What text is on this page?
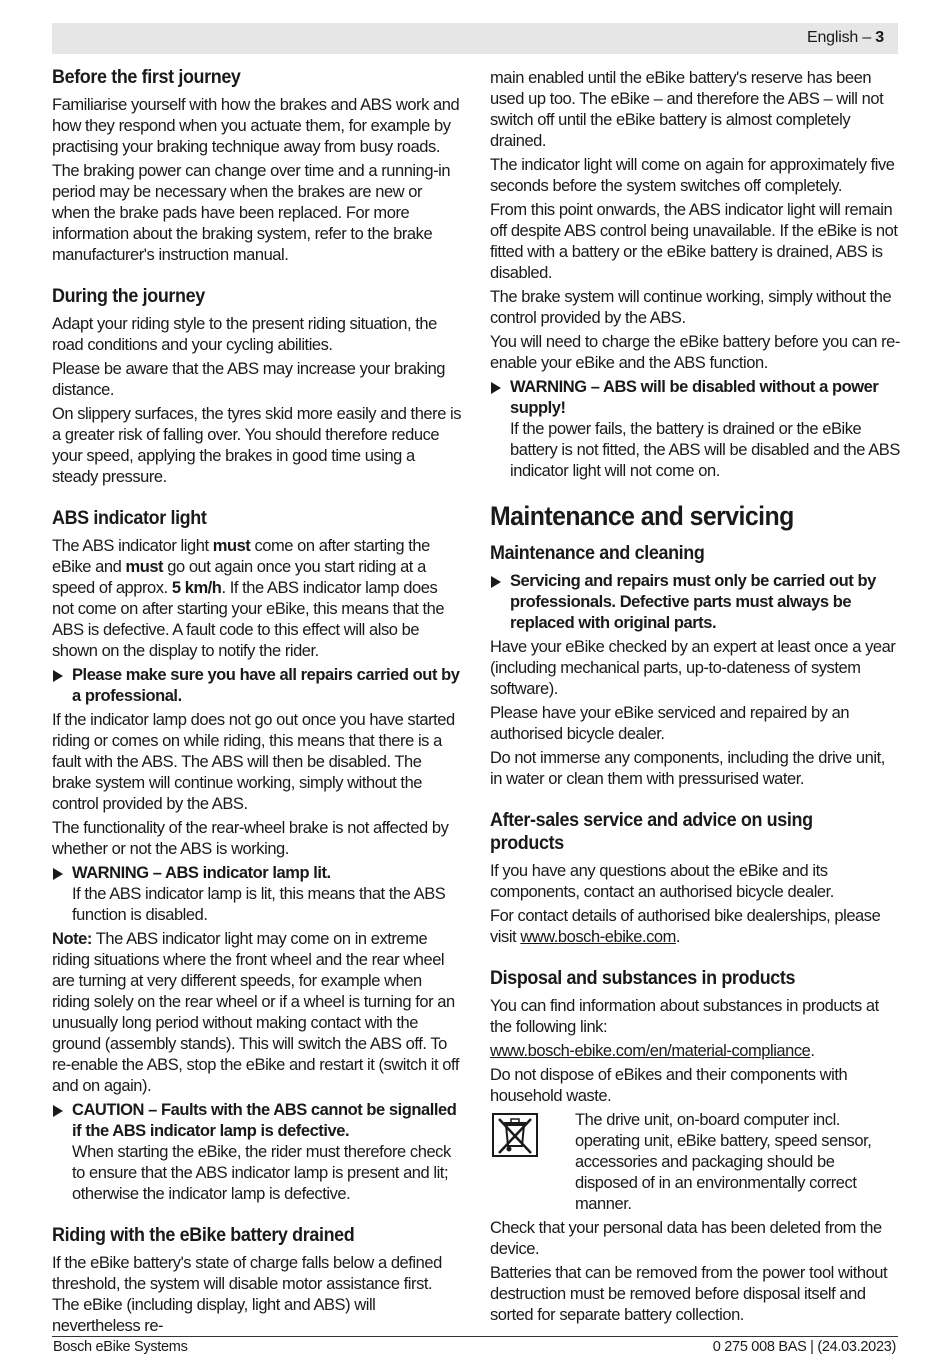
English – 3
Before the first journey

Familiarise yourself with how the brakes and ABS work and how they respond when you actuate them, for example by practising your braking technique away from busy roads.

The braking power can change over time and a running-in period may be necessary when the brakes are new or when the brake pads have been replaced. For more information about the braking system, refer to the brake manufacturer's instruction manual.

During the journey

Adapt your riding style to the present riding situation, the road conditions and your cycling abilities.

Please be aware that the ABS may increase your braking distance.

On slippery surfaces, the tyres skid more easily and there is a greater risk of falling over. You should therefore reduce your speed, applying the brakes in good time using a steady pressure.

ABS indicator light

The ABS indicator light must come on after starting the eBike and must go out again once you start riding at a speed of approx. 5 km/h. If the ABS indicator lamp does not come on after starting your eBike, this means that the ABS is defective. A fault code to this effect will also be shown on the display to notify the rider.

Please make sure you have all repairs carried out by a professional.

If the indicator lamp does not go out once you have started riding or comes on while riding, this means that there is a fault with the ABS. The ABS will then be disabled. The brake system will continue working, simply without the control provided by the ABS.

The functionality of the rear-wheel brake is not affected by whether or not the ABS is working.

WARNING – ABS indicator lamp lit.

If the ABS indicator lamp is lit, this means that the ABS function is disabled.

Note: The ABS indicator light may come on in extreme riding situations where the front wheel and the rear wheel are turning at very different speeds, for example when riding solely on the rear wheel or if a wheel is turning for an unusually long period without making contact with the ground (assembly stands). This will switch the ABS off. To re-enable the ABS, stop the eBike and restart it (switch it off and on again).

CAUTION – Faults with the ABS cannot be signalled if the ABS indicator lamp is defective.

When starting the eBike, the rider must therefore check to ensure that the ABS indicator lamp is present and lit; otherwise the indicator lamp is defective.

Riding with the eBike battery drained

If the eBike battery's state of charge falls below a defined threshold, the system will disable motor assistance first. The eBike (including display, light and ABS) will nevertheless re-

main enabled until the eBike battery's reserve has been used up too. The eBike – and therefore the ABS – will not switch off until the eBike battery is almost completely drained.

The indicator light will come on again for approximately five seconds before the system switches off completely.

From this point onwards, the ABS indicator light will remain off despite ABS control being unavailable. If the eBike is not fitted with a battery or the eBike battery is drained, ABS is disabled.

The brake system will continue working, simply without the control provided by the ABS.

You will need to charge the eBike battery before you can re-enable your eBike and the ABS function.

WARNING – ABS will be disabled without a power supply!

If the power fails, the battery is drained or the eBike battery is not fitted, the ABS will be disabled and the ABS indicator light will not come on.

Maintenance and servicing
Maintenance and cleaning

Servicing and repairs must only be carried out by professionals. Defective parts must always be replaced with original parts.

Have your eBike checked by an expert at least once a year (including mechanical parts, up-to-dateness of system software).

Please have your eBike serviced and repaired by an authorised bicycle dealer.

Do not immerse any components, including the drive unit, in water or clean them with pressurised water.

After-sales service and advice on using products

If you have any questions about the eBike and its components, contact an authorised bicycle dealer.

For contact details of authorised bike dealerships, please visit www.bosch-ebike.com.

Disposal and substances in products

You can find information about substances in products at the following link:

www.bosch-ebike.com/en/material-compliance.

Do not dispose of eBikes and their components with household waste.

The drive unit, on-board computer incl. operating unit, eBike battery, speed sensor, accessories and packaging should be disposed of in an environmentally correct manner.

Check that your personal data has been deleted from the device.

Batteries that can be removed from the power tool without destruction must be removed before disposal itself and sorted for separate battery collection.

Bosch eBike Systems	0 275 008 BAS | (24.03.2023)
